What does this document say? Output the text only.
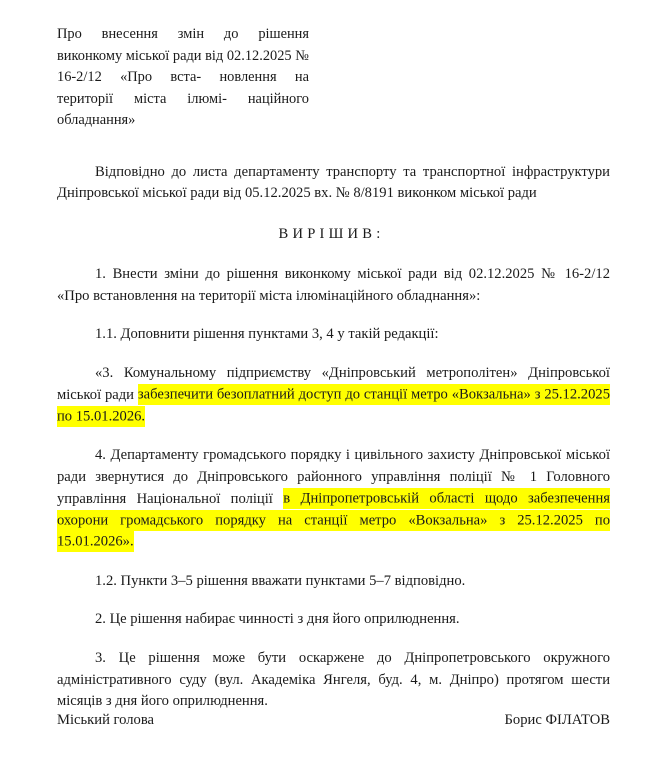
Про внесення змін до рішення виконкому міської ради від 02.12.2025 № 16-2/12 «Про вста- новлення на території міста ілюмі- наційного обладнання»
Відповідно до листа департаменту транспорту та транспортної інфраструктури Дніпровської міської ради від 05.12.2025 вх. № 8/8191 виконком міської ради
ВИРІШИВ:
1. Внести зміни до рішення виконкому міської ради від 02.12.2025 № 16-2/12 «Про встановлення на території міста ілюмінаційного обладнання»:
1.1. Доповнити рішення пунктами 3, 4 у такій редакції:
«3. Комунальному підприємству «Дніпровський метрополітен» Дніпровської міської ради забезпечити безоплатний доступ до станції метро «Вокзальна» з 25.12.2025 по 15.01.2026.
4. Департаменту громадського порядку і цивільного захисту Дніпровської міської ради звернутися до Дніпровського районного управління поліції № 1 Головного управління Національної поліції в Дніпропетровській області щодо забезпечення охорони громадського порядку на станції метро «Вокзальна» з 25.12.2025 по 15.01.2026».
1.2. Пункти 3–5 рішення вважати пунктами 5–7 відповідно.
2. Це рішення набирає чинності з дня його оприлюднення.
3. Це рішення може бути оскаржене до Дніпропетровського окружного адміністративного суду (вул. Академіка Янгеля, буд. 4, м. Дніпро) протягом шести місяців з дня його оприлюднення.
Міський голова	Борис ФІЛАТОВ
